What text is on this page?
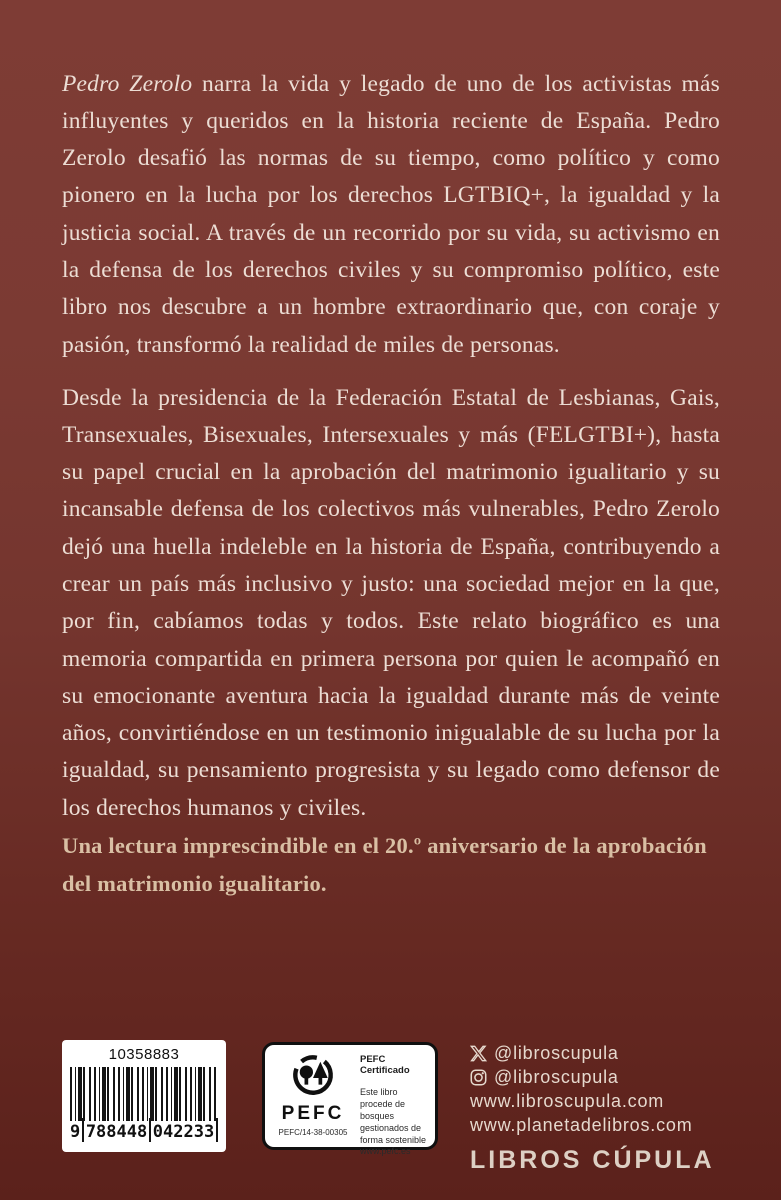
Pedro Zerolo narra la vida y legado de uno de los activistas más influyentes y queridos en la historia reciente de España. Pedro Zerolo desafió las normas de su tiempo, como político y como pionero en la lucha por los derechos LGTBIQ+, la igualdad y la justicia social. A través de un recorrido por su vida, su activismo en la defensa de los derechos civiles y su compromiso político, este libro nos descubre a un hombre extraordinario que, con coraje y pasión, transformó la realidad de miles de personas.

Desde la presidencia de la Federación Estatal de Lesbianas, Gais, Transexuales, Bisexuales, Intersexuales y más (FELGTBI+), hasta su papel crucial en la aprobación del matrimonio igualitario y su incansable defensa de los colectivos más vulnerables, Pedro Zerolo dejó una huella indeleble en la historia de España, contribuyendo a crear un país más inclusivo y justo: una sociedad mejor en la que, por fin, cabíamos todas y todos. Este relato biográfico es una memoria compartida en primera persona por quien le acompañó en su emocionante aventura hacia la igualdad durante más de veinte años, convirtiéndose en un testimonio inigualable de su lucha por la igualdad, su pensamiento progresista y su legado como defensor de los derechos humanos y civiles.

Una lectura imprescindible en el 20.º aniversario de la aprobación del matrimonio igualitario.

10358883
9 788448 042233
PEFC
PEFC/14-38-00305
PEFC Certificado
Este libro procede de bosques gestionados de forma sostenible
www.pefc.es
@libroscupula
@libroscupula
www.libroscupula.com
www.planetadelibros.com
LIBROS CÚPULA
